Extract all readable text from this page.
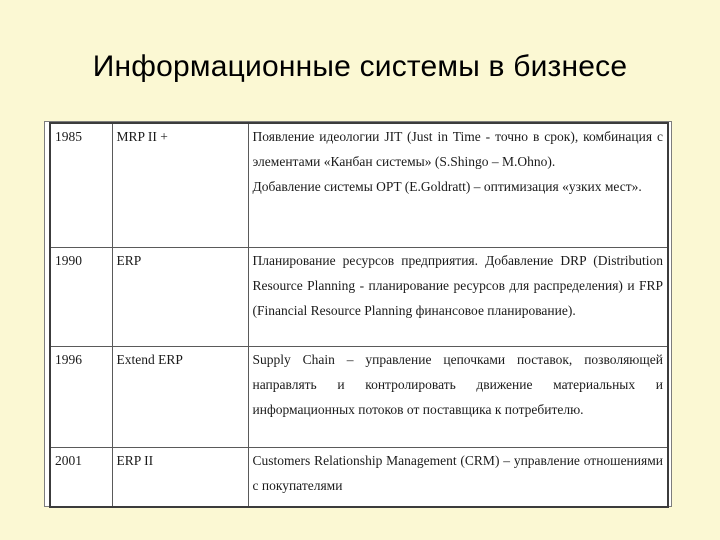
Информационные системы в бизнесе
1985	MRP II +	Появление идеологии JIT (Just in Time - точно в срок), комбинация с элементами «Канбан системы» (S.Shingo – M.Ohno).
Добавление системы OPT (E.Goldratt) – оптимизация «узких мест».

1990	ERP	Планирование ресурсов предприятия. Добавление DRP (Distribution Resource Planning - планирование ресурсов для распределения) и FRP (Financial Resource Planning финансовое планирование).

1996	Extend ERP	Supply Chain – управление цепочками поставок, позволяющей направлять и контролировать движение материальных и информационных потоков от поставщика к потребителю.

2001	ERP II	Customers Relationship Management (CRM) – управление отношениями с покупателями
